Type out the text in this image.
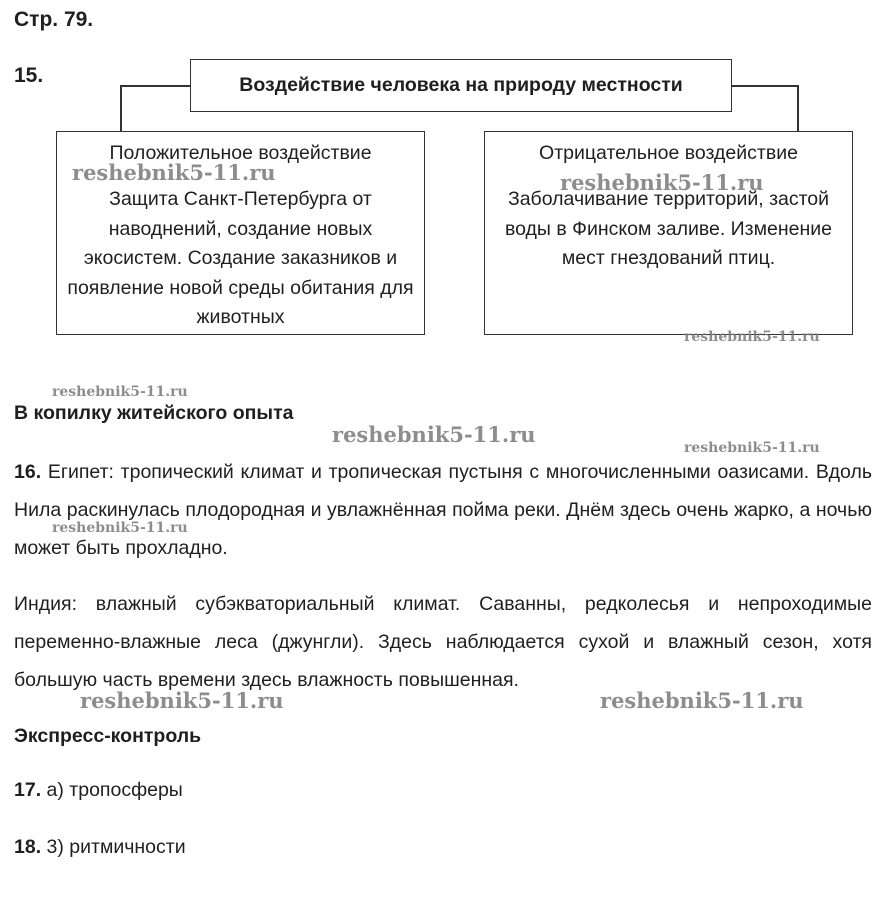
Стр. 79.
15.	Воздействие человека на природу местности
Положительное воздействие
Защита Санкт-Петербурга от наводнений, создание новых экосистем. Создание заказников и появление новой среды обитания для животных
Отрицательное воздействие
Заболачивание территорий, застой воды в Финском заливе. Изменение мест гнездований птиц.
В копилку житейского опыта
16. Египет: тропический климат и тропическая пустыня с многочисленными оазисами. Вдоль Нила раскинулась плодородная и увлажнённая пойма реки. Днём здесь очень жарко, а ночью может быть прохладно.
Индия: влажный субэкваториальный климат. Саванны, редколесья и непроходимые переменно-влажные леса (джунгли). Здесь наблюдается сухой и влажный сезон, хотя большую часть времени здесь влажность повышенная.
Экспресс-контроль
17. а) тропосферы
18. 3) ритмичности
reshebnik5-11.ru	reshebnik5-11.ru
reshebnik5-11.ru
reshebnik5-11.ru
reshebnik5-11.ru
reshebnik5-11.ru
reshebnik5-11.ru
reshebnik5-11.ru	reshebnik5-11.ru
